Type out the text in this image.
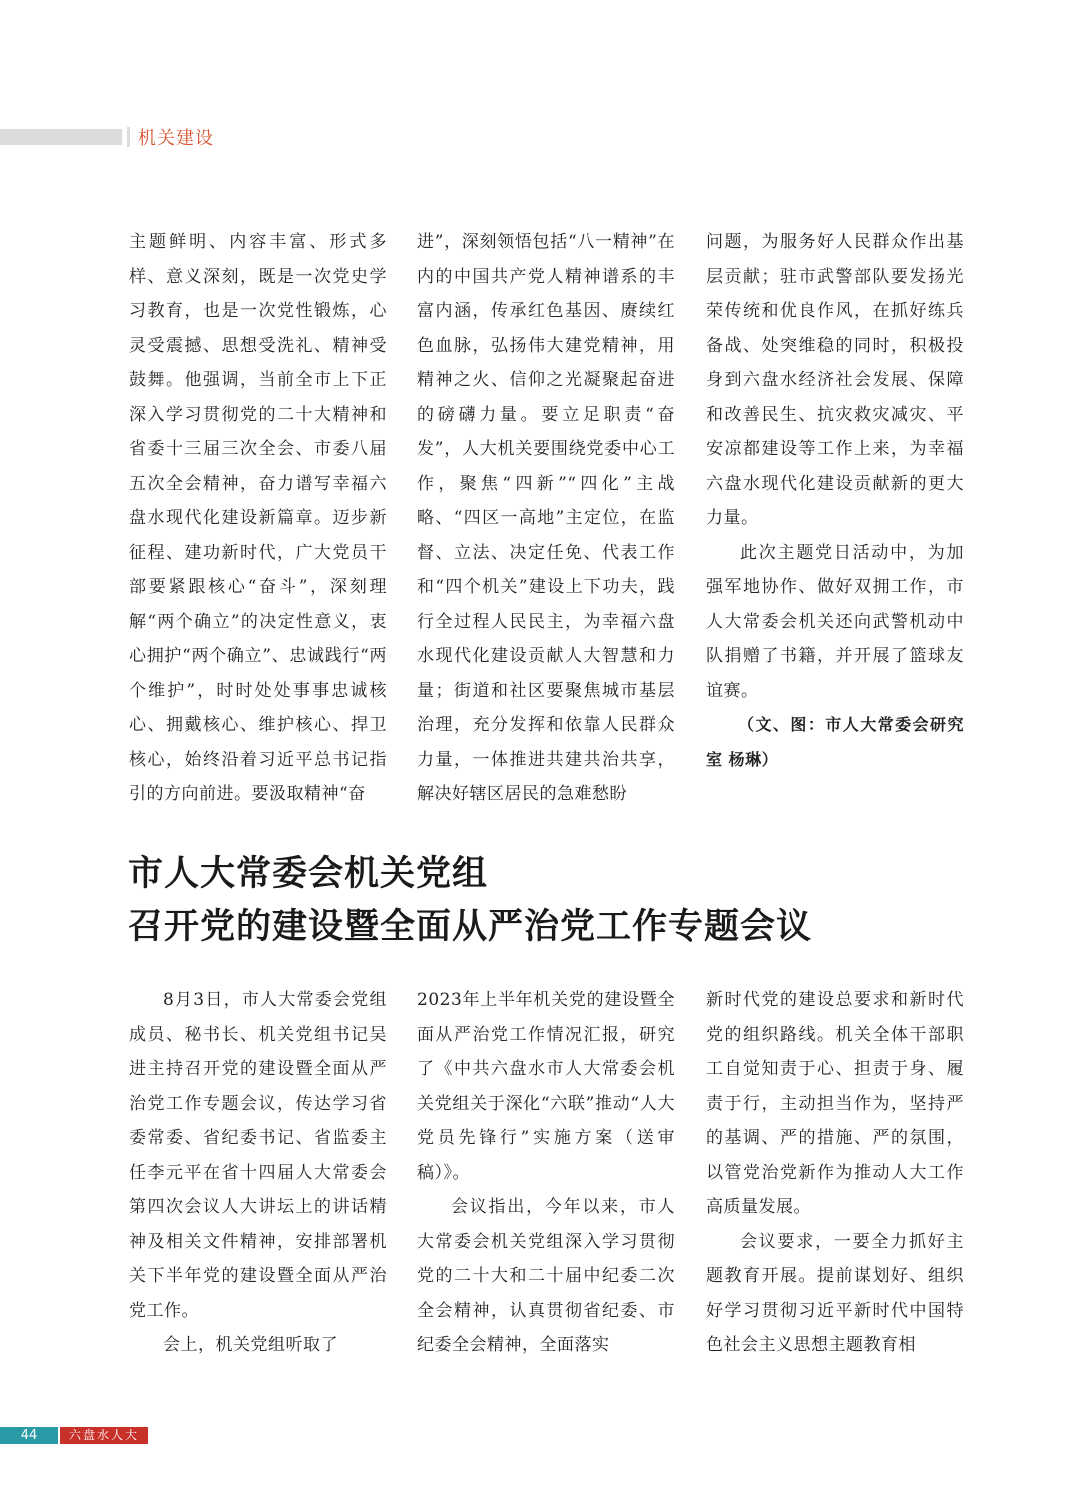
机关建设

主题鲜明、内容丰富、形式多样、意义深刻，既是一次党史学习教育，也是一次党性锻炼，心灵受震撼、思想受洗礼、精神受鼓舞。他强调，当前全市上下正深入学习贯彻党的二十大精神和省委十三届三次全会、市委八届五次全会精神，奋力谱写幸福六盘水现代化建设新篇章。迈步新征程、建功新时代，广大党员干部要紧跟核心“奋斗”，深刻理解“两个确立”的决定性意义，衷心拥护“两个确立”、忠诚践行“两个维护”，时时处处事事忠诚核心、拥戴核心、维护核心、捍卫核心，始终沿着习近平总书记指引的方向前进。要汲取精神“奋

进”，深刻领悟包括“八一精神”在内的中国共产党人精神谱系的丰富内涵，传承红色基因、赓续红色血脉，弘扬伟大建党精神，用精神之火、信仰之光凝聚起奋进的磅礴力量。要立足职责“奋发”，人大机关要围绕党委中心工作，聚焦“四新”“四化”主战略、“四区一高地”主定位，在监督、立法、决定任免、代表工作和“四个机关”建设上下功夫，践行全过程人民民主，为幸福六盘水现代化建设贡献人大智慧和力量；街道和社区要聚焦城市基层治理，充分发挥和依靠人民群众力量，一体推进共建共治共享，解决好辖区居民的急难愁盼

问题，为服务好人民群众作出基层贡献；驻市武警部队要发扬光荣传统和优良作风，在抓好练兵备战、处突维稳的同时，积极投身到六盘水经济社会发展、保障和改善民生、抗灾救灾减灾、平安凉都建设等工作上来，为幸福六盘水现代化建设贡献新的更大力量。

此次主题党日活动中，为加强军地协作、做好双拥工作，市人大常委会机关还向武警机动中队捐赠了书籍，并开展了篮球友谊赛。

（文、图：市人大常委会研究室 杨琳）

市人大常委会机关党组
召开党的建设暨全面从严治党工作专题会议

8月3日，市人大常委会党组成员、秘书长、机关党组书记吴进主持召开党的建设暨全面从严治党工作专题会议，传达学习省委常委、省纪委书记、省监委主任李元平在省十四届人大常委会第四次会议人大讲坛上的讲话精神及相关文件精神，安排部署机关下半年党的建设暨全面从严治党工作。

会上，机关党组听取了

2023年上半年机关党的建设暨全面从严治党工作情况汇报，研究了《中共六盘水市人大常委会机关党组关于深化“六联”推动“人大党员先锋行”实施方案（送审稿）》。

会议指出，今年以来，市人大常委会机关党组深入学习贯彻党的二十大和二十届中纪委二次全会精神，认真贯彻省纪委、市纪委全会精神，全面落实

新时代党的建设总要求和新时代党的组织路线。机关全体干部职工自觉知责于心、担责于身、履责于行，主动担当作为，坚持严的基调、严的措施、严的氛围，以管党治党新作为推动人大工作高质量发展。

会议要求，一要全力抓好主题教育开展。提前谋划好、组织好学习贯彻习近平新时代中国特色社会主义思想主题教育相

44	六盘水人大
